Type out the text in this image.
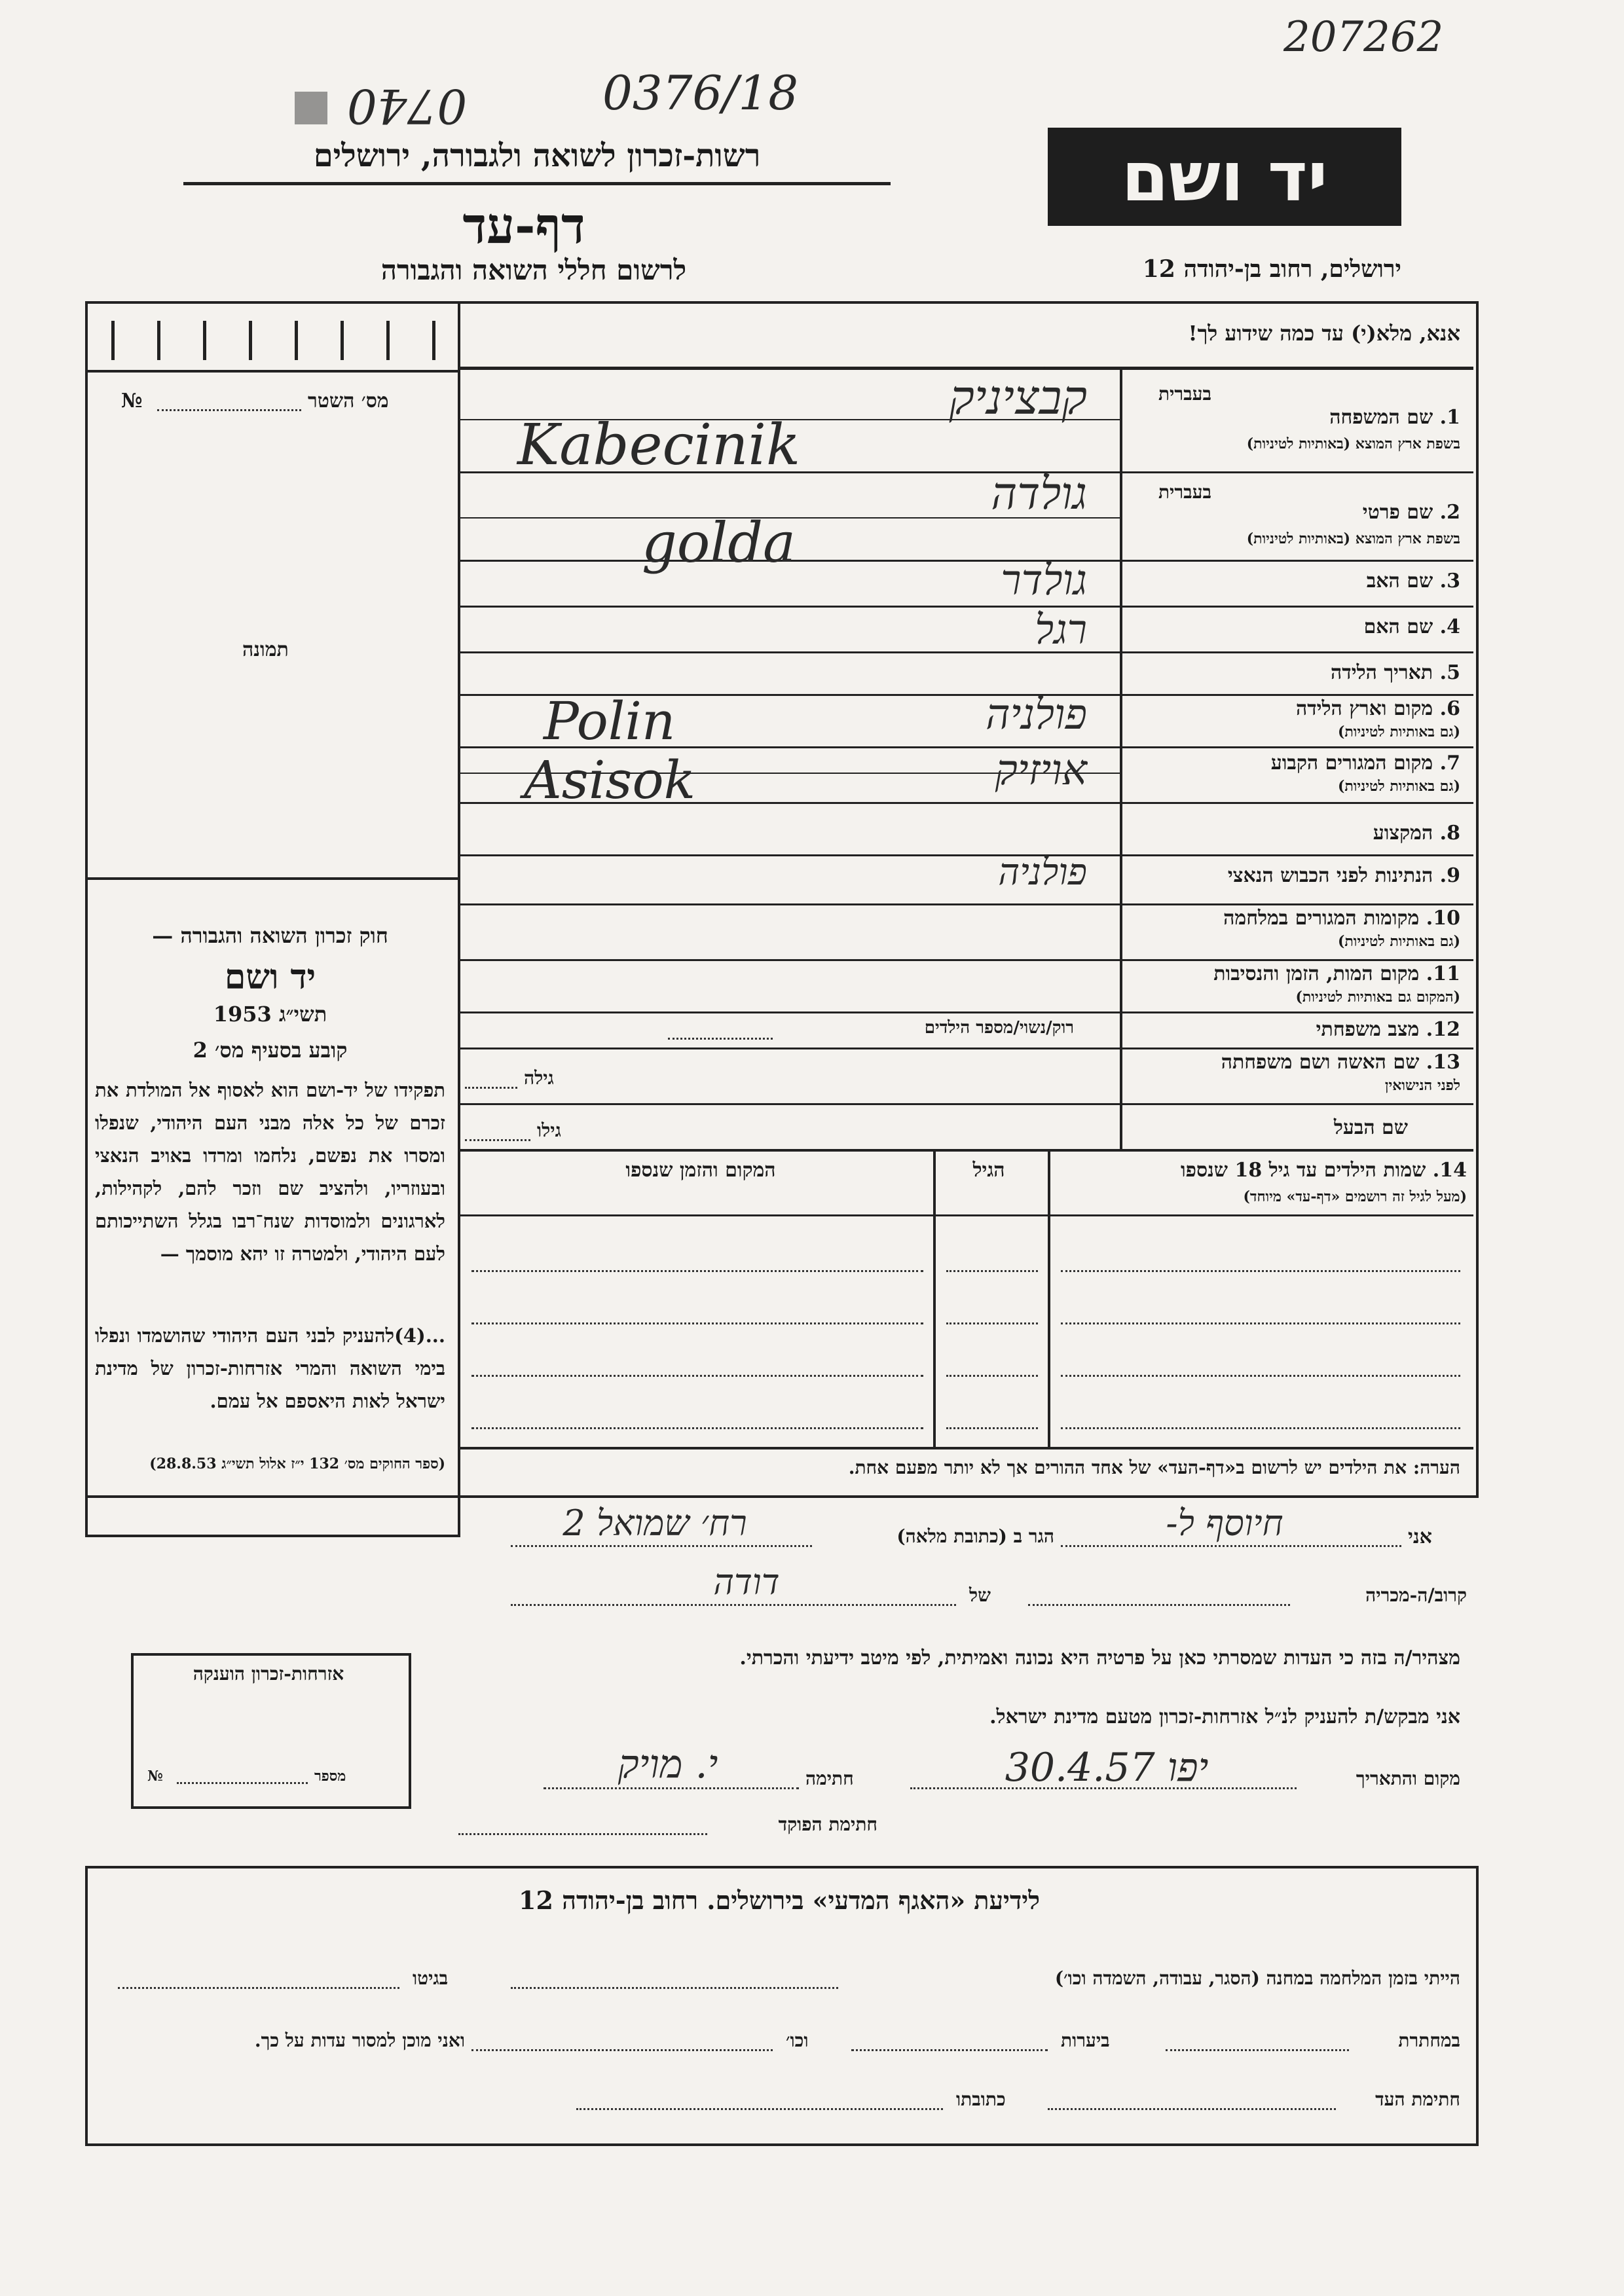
207262
0740	0376/18
רשות-זכרון לשואה ולגבורה, ירושלים
דף-עד
לרשום חללי השואה והגבורה
יד ושם
ירושלים, רחוב בן-יהודה 12
מס׳ השטר
№
תמונה
חוק זכרון השואה והגבורה —
יד ושם
1953 תשי״ג
קובע בסעיף מס׳ 2
תפקידו של יד-ושם הוא לאסוף אל המולדת את זכרם של כל אלה מבני העם היהודי, שנפלו ומסרו את נפשם, נלחמו ומרדו באויב הנאצי ובעוזריו, ולהציב שם וזכר להם, לקהילות, לארגונים ולמוסדות שנח־רבו בגלל השתייכותם לעם היהודי, ולמטרה זו יהא מוסמך —
...(4)להעניק לבני העם היהודי שהושמדו ונפלו בימי השואה והמרי אזרחות-זכרון של מדינת ישראל לאות היאספם אל עמם.
(ספר החוקים מס׳ 132 י״ז אלול תשי״ג 28.8.53)
אנא, מלא(י) עד כמה שידוע לך!
בעברית
1. שם המשפחה
בשפת ארץ המוצא (באותיות לטיניות)
קבציניק
Kabecinik
בעברית
2. שם פרטי
בשפת ארץ המוצא (באותיות לטיניות)
גולדה
golda
3. שם האב
גולדר
4. שם האם
רגל
5. תאריך הלידה
6. מקום וארץ הלידה
(גם באותיות לטיניות)
פולניה
Polin
7. מקום המגורים הקבוע
(גם באותיות לטיניות)
אויזיק
Asisok
8. המקצוע
9. הנתינות לפני הכבוש הנאצי
פולניה
10. מקומות המגורים במלחמה
(גם באותיות לטיניות)
11. מקום המות, הזמן והנסיבות
(המקום גם באותיות לטיניות)
12. מצב משפחתי
רוק/נשוי/מספר הילדים
13. שם האשה ושם משפחתה
לפני הנישואין
גילה
שם הבעל
גילו
14. שמות הילדים עד גיל 18 שנספו
(מעל לגיל זה רושמים «דף-עד» מיוחד)
הגיל
המקום והזמן שנספו
הערה: את הילדים יש לרשום ב«דף-העד» של אחד ההורים אך לא יותר מפעם אחת.
אני
חיוסף ל-
הגר ב (כתובת מלאה)
רח׳ שמואל 2
קרוב/ה-מכריה
של
דודה
מצהיר/ה בזה כי העדות שמסרתי כאן על פרטיה היא נכונה ואמיתית, לפי מיטב ידיעתי והכרתי.
אני מבקש/ת להעניק לנ״ל אזרחות-זכרון מטעם מדינת ישראל.
מקום והתאריך
30.4.57 יפו
חתימה
י. מויק
חתימת הפוקד
אזרחות-זכרון הוענקה
№	מספר
לידיעת «האגף המדעי» בירושלים. רחוב בן-יהודה 12
הייתי בזמן המלחמה במחנה (הסגר, עבודה, השמדה וכו׳)
בגיטו
במחתרת
ביערות
וכו׳
ואני מוכן למסור עדות על כך.
חתימת העד
כתובתו
